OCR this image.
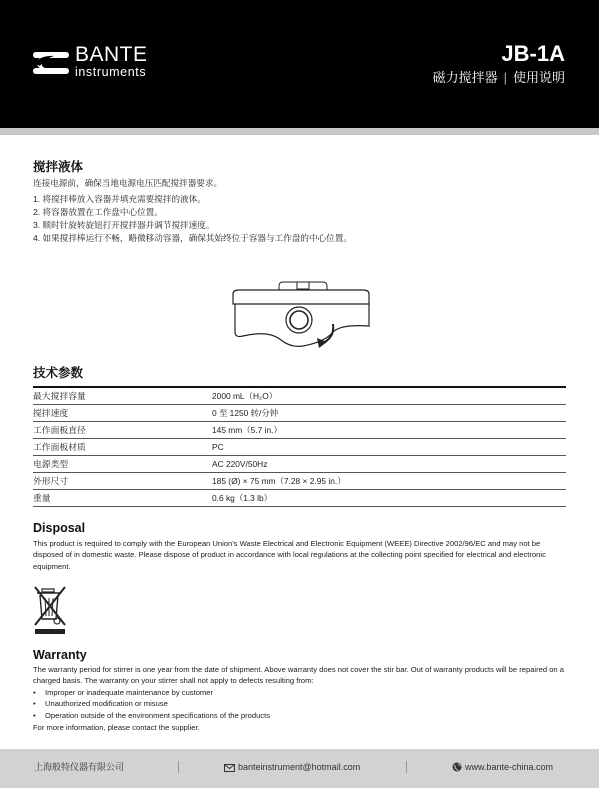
BANTE
instruments
JB-1A
磁力搅拌器 | 使用说明
搅拌液体
连接电源前，确保当地电源电压匹配搅拌器要求。
1. 将搅拌棒放入容器并填充需要搅拌的液体。
2. 将容器放置在工作盘中心位置。
3. 顺时针旋转旋钮打开搅拌器并调节搅拌速度。
4. 如果搅拌棒运行不畅，略微移动容器，确保其始终位于容器与工作盘的中心位置。
技术参数
最大搅拌容量	2000 mL（H₂O）
搅拌速度	0 至 1250 转/分钟
工作面板直径	145 mm（5.7 in.）
工作面板材质	PC
电源类型	AC 220V/50Hz
外形尺寸	185 (Ø) × 75 mm（7.28 × 2.95 in.）
重量	0.6 kg（1.3 lb）
Disposal
This product is required to comply with the European Union's Waste Electrical and Electronic Equipment (WEEE) Directive 2002/96/EC and may not be disposed of in domestic waste. Please dispose of product in accordance with local regulations at the collecting point specified for electrical and electronic equipment.
Warranty
The warranty period for stirrer is one year from the date of shipment. Above warranty does not cover the stir bar. Out of warranty products will be repaired on a charged basis. The warranty on your stirrer shall not apply to defects resulting from:
• Improper or inadequate maintenance by customer
• Unauthorized modification or misuse
• Operation outside of the environment specifications of the products
For more information, please contact the supplier.
上海般特仪器有限公司	banteinstrument@hotmail.com	www.bante-china.com
